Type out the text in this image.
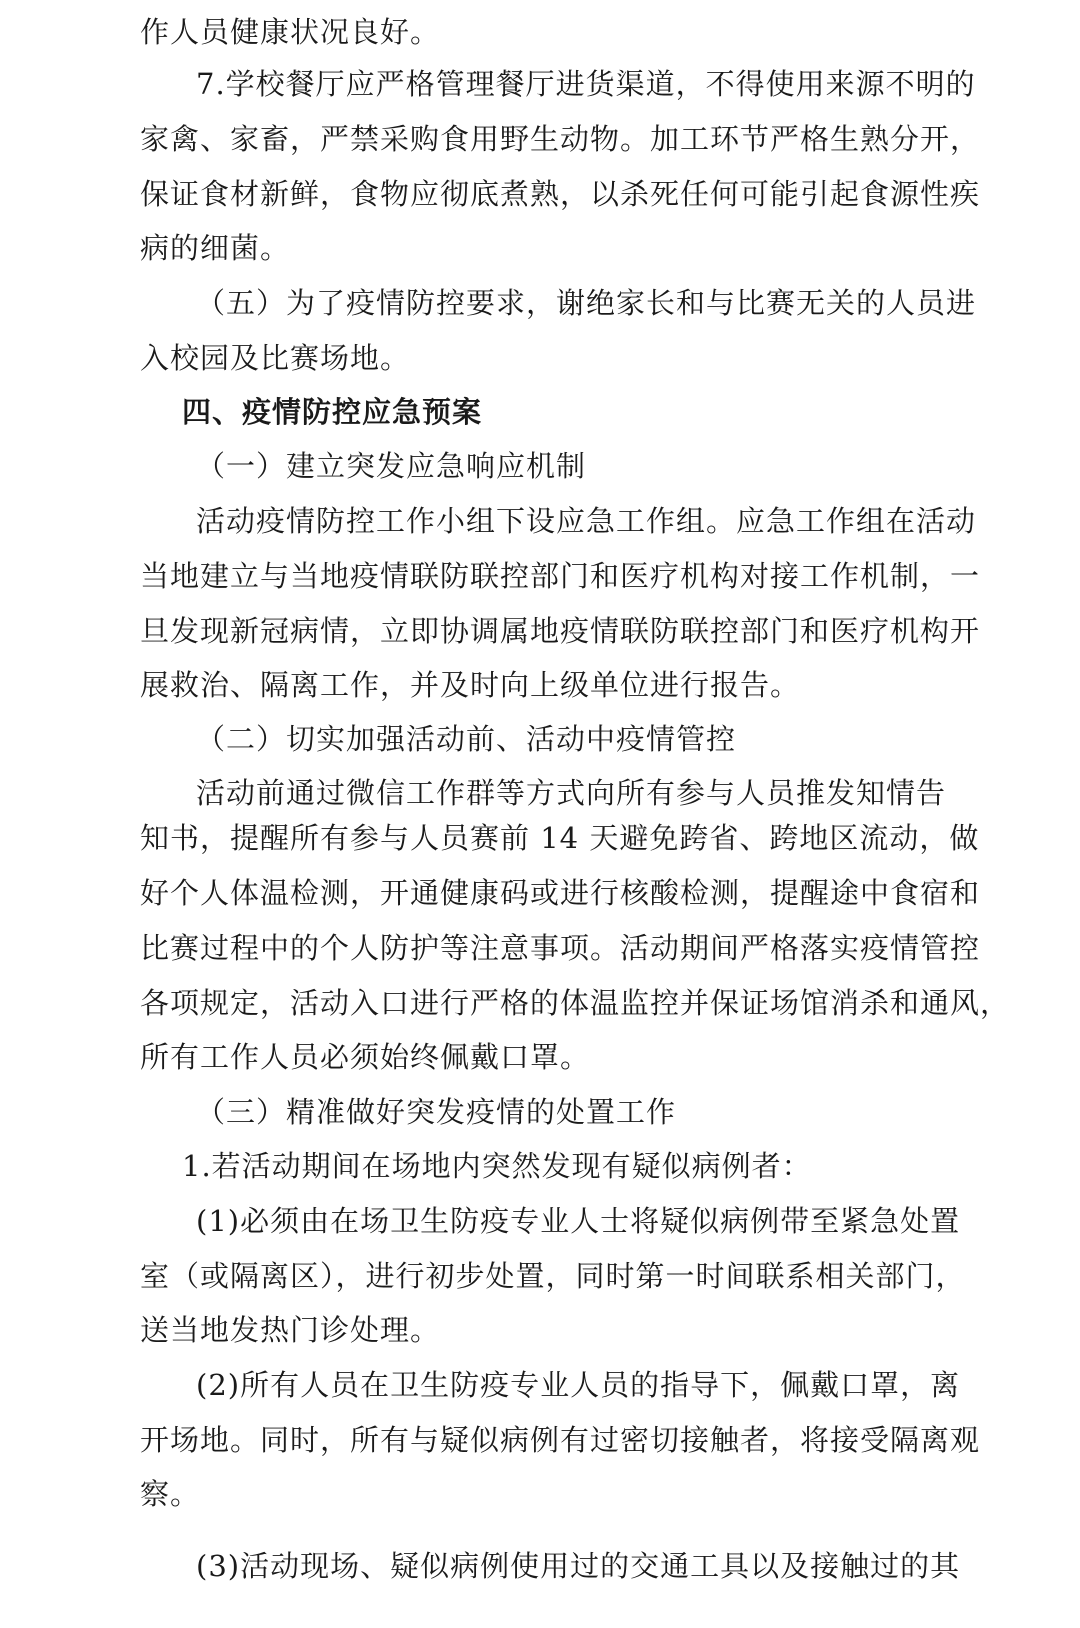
作人员健康状况良好。
7.学校餐厅应严格管理餐厅进货渠道，不得使用来源不明的
家禽、家畜，严禁采购食用野生动物。加工环节严格生熟分开，
保证食材新鲜，食物应彻底煮熟，以杀死任何可能引起食源性疾
病的细菌。
（五）为了疫情防控要求，谢绝家长和与比赛无关的人员进
入校园及比赛场地。
四、疫情防控应急预案
（一）建立突发应急响应机制
活动疫情防控工作小组下设应急工作组。应急工作组在活动
当地建立与当地疫情联防联控部门和医疗机构对接工作机制，一
旦发现新冠病情，立即协调属地疫情联防联控部门和医疗机构开
展救治、隔离工作，并及时向上级单位进行报告。
（二）切实加强活动前、活动中疫情管控
活动前通过微信工作群等方式向所有参与人员推发知情告
知书，提醒所有参与人员赛前 14 天避免跨省、跨地区流动，做
好个人体温检测，开通健康码或进行核酸检测，提醒途中食宿和
比赛过程中的个人防护等注意事项。活动期间严格落实疫情管控
各项规定，活动入口进行严格的体温监控并保证场馆消杀和通风，
所有工作人员必须始终佩戴口罩。
（三）精准做好突发疫情的处置工作
1.若活动期间在场地内突然发现有疑似病例者：
(1)必须由在场卫生防疫专业人士将疑似病例带至紧急处置
室（或隔离区），进行初步处置，同时第一时间联系相关部门，
送当地发热门诊处理。
(2)所有人员在卫生防疫专业人员的指导下，佩戴口罩，离
开场地。同时，所有与疑似病例有过密切接触者，将接受隔离观
察。
(3)活动现场、疑似病例使用过的交通工具以及接触过的其
